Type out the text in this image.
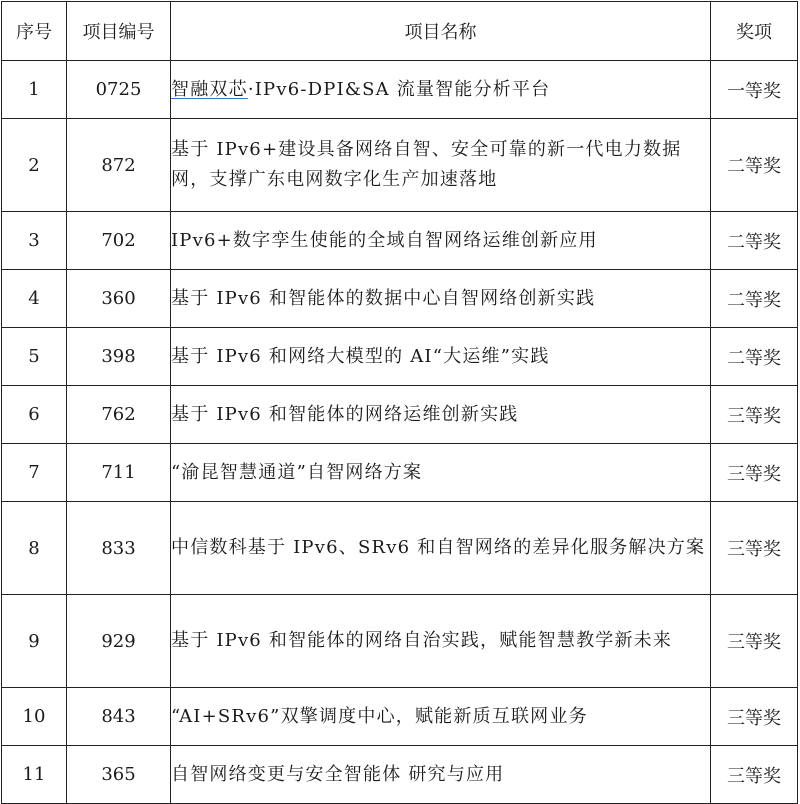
序号	项目编号	项目名称	奖项
1	0725	智融双芯·IPv6-DPI&SA 流量智能分析平台	一等奖
2	872	基于 IPv6+建设具备网络自智、安全可靠的新一代电力数据网，支撑广东电网数字化生产加速落地	二等奖
3	702	IPv6+数字孪生使能的全域自智网络运维创新应用	二等奖
4	360	基于 IPv6 和智能体的数据中心自智网络创新实践	二等奖
5	398	基于 IPv6 和网络大模型的 AI“大运维”实践	二等奖
6	762	基于 IPv6 和智能体的网络运维创新实践	三等奖
7	711	“渝昆智慧通道”自智网络方案	三等奖
8	833	中信数科基于 IPv6、SRv6 和自智网络的差异化服务解决方案	三等奖
9	929	基于 IPv6 和智能体的网络自治实践，赋能智慧教学新未来	三等奖
10	843	“AI+SRv6”双擎调度中心，赋能新质互联网业务	三等奖
11	365	自智网络变更与安全智能体 研究与应用	三等奖
